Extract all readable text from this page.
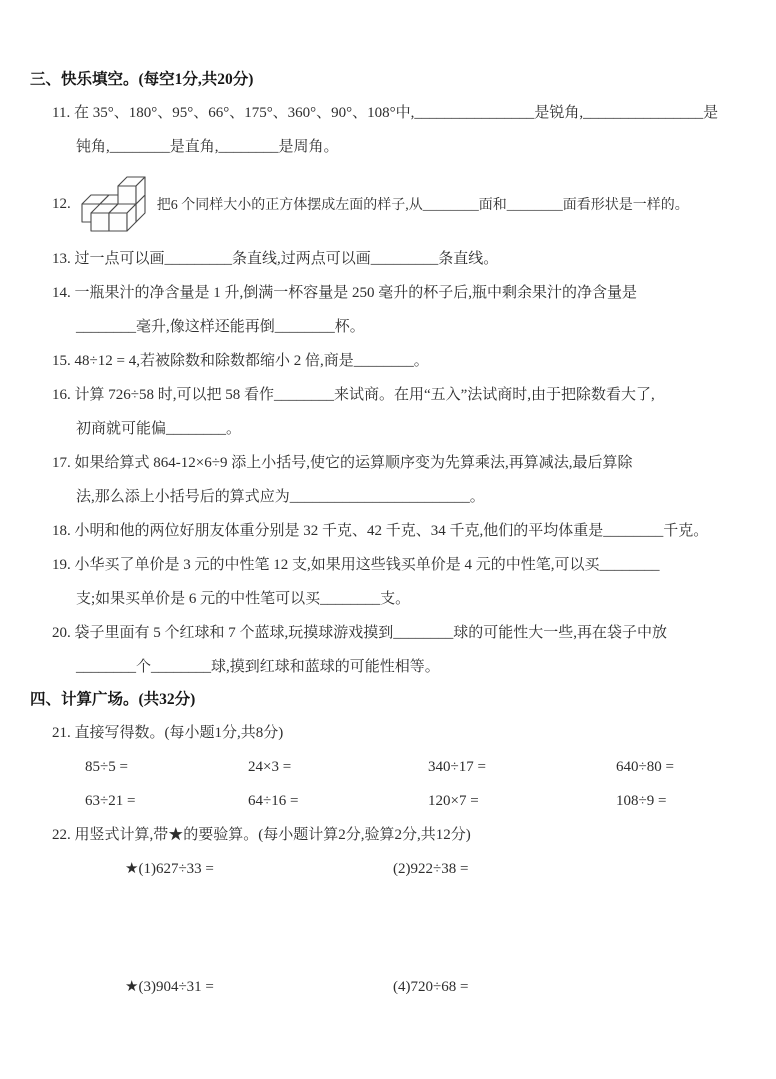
三、快乐填空。(每空1分,共20分)
11. 在 35°、180°、95°、66°、175°、360°、90°、108°中,________________是锐角,________________是
钝角,________是直角,________是周角。
12.	把6 个同样大小的正方体摆成左面的样子,从________面和________面看形状是一样的。
13. 过一点可以画_________条直线,过两点可以画_________条直线。
14. 一瓶果汁的净含量是 1 升,倒满一杯容量是 250 毫升的杯子后,瓶中剩余果汁的净含量是
________毫升,像这样还能再倒________杯。
15. 48÷12 = 4,若被除数和除数都缩小 2 倍,商是________。
16. 计算 726÷58 时,可以把 58 看作________来试商。在用“五入”法试商时,由于把除数看大了,
初商就可能偏________。
17. 如果给算式 864-12×6÷9 添上小括号,使它的运算顺序变为先算乘法,再算减法,最后算除
法,那么添上小括号后的算式应为________________________。
18. 小明和他的两位好朋友体重分别是 32 千克、42 千克、34 千克,他们的平均体重是________千克。
19. 小华买了单价是 3 元的中性笔 12 支,如果用这些钱买单价是 4 元的中性笔,可以买________
支;如果买单价是 6 元的中性笔可以买________支。
20. 袋子里面有 5 个红球和 7 个蓝球,玩摸球游戏摸到________球的可能性大一些,再在袋子中放
________个________球,摸到红球和蓝球的可能性相等。
四、计算广场。(共32分)
21. 直接写得数。(每小题1分,共8分)
85÷5 =	24×3 =	340÷17 =	640÷80 =
63÷21 =	64÷16 =	120×7 =	108÷9 =
22. 用竖式计算,带★的要验算。(每小题计算2分,验算2分,共12分)
★(1)627÷33 =	(2)922÷38 =
★(3)904÷31 =	(4)720÷68 =
